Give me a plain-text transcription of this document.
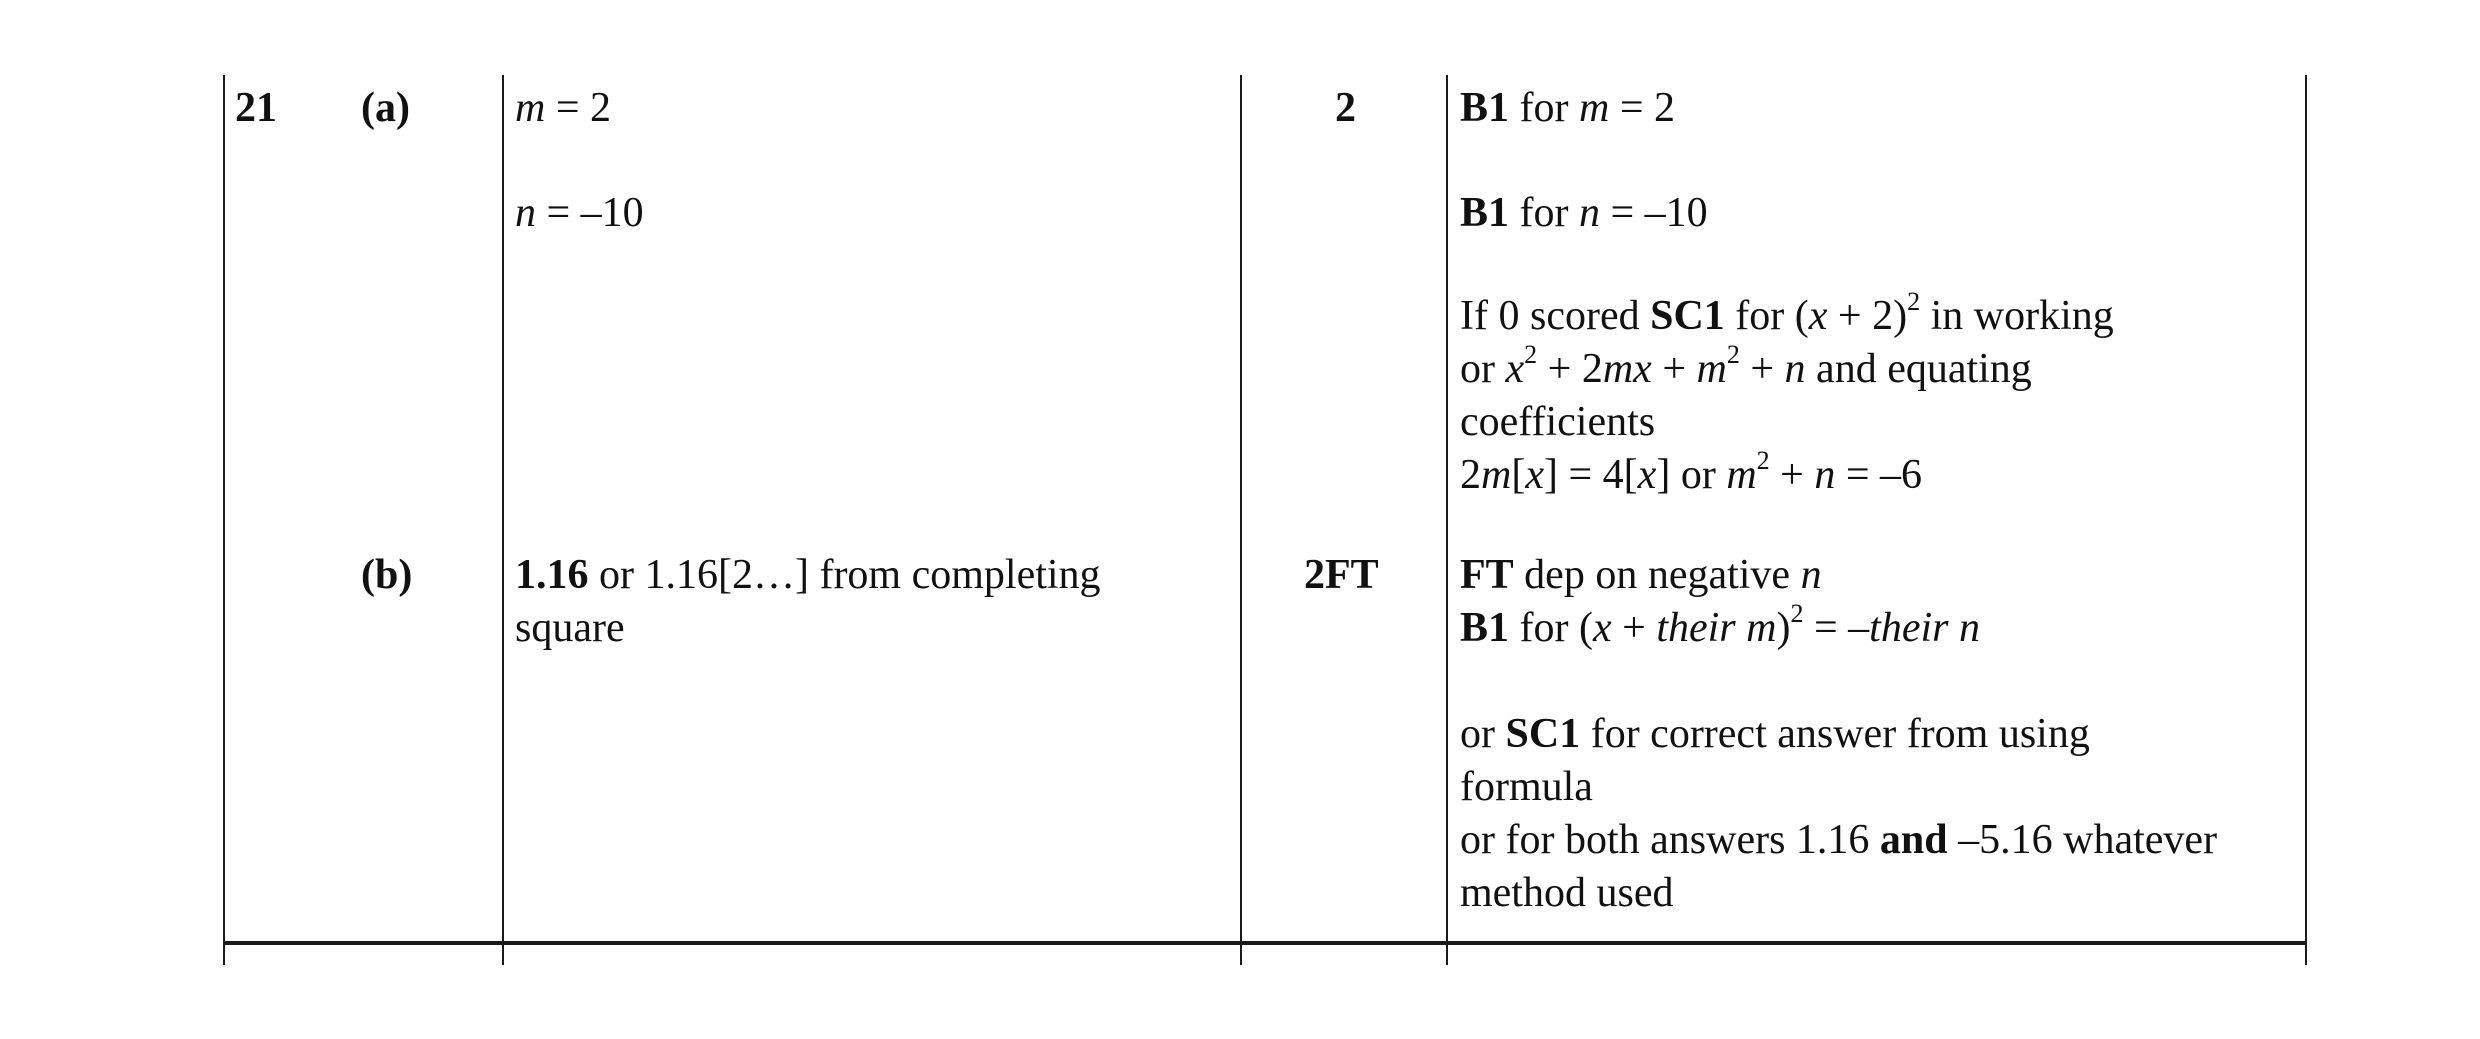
21 (a)
(b)
m = 2
n = –10
2 B1 for m = 2
B1 for n = –10
If 0 scored SC1 for $(x + 2)^2$ in working
or $x^2 + 2mx + m^2 + n$ and equating
coefficients
2m[x] = 4[x] or $m^2 + n = -6$
1.16 or 1.16[2…] from completing
square
2FT FT dep on negative n
B1 for (x + their m)$^2$ = –their n
or SC1 for correct answer from using
formula
or for both answers 1.16 and –5.16 whatever
method used
